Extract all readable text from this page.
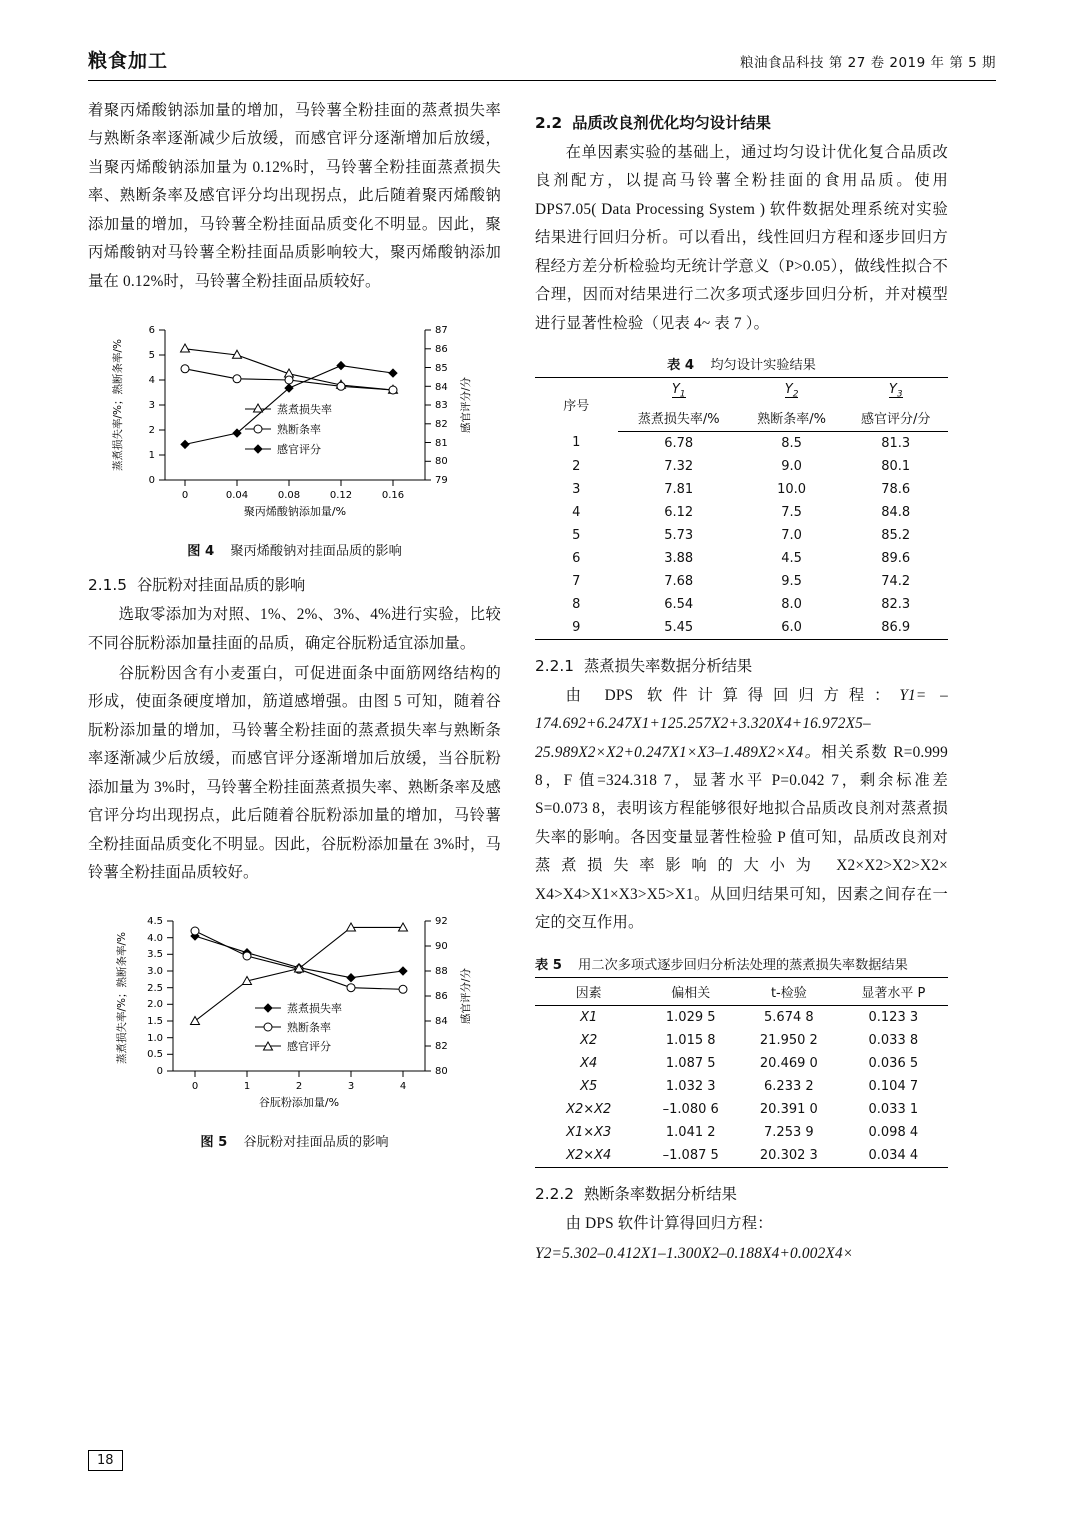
粮食加工	粮油食品科技 第 27 卷 2019 年 第 5 期

着聚丙烯酸钠添加量的增加，马铃薯全粉挂面的蒸煮损失率与熟断条率逐渐减少后放缓，而感官评分逐渐增加后放缓，当聚丙烯酸钠添加量为 0.12%时，马铃薯全粉挂面蒸煮损失率、熟断条率及感官评分均出现拐点，此后随着聚丙烯酸钠添加量的增加，马铃薯全粉挂面品质变化不明显。因此，聚丙烯酸钠对马铃薯全粉挂面品质影响较大，聚丙烯酸钠添加量在 0.12%时，马铃薯全粉挂面品质较好。

0
1
2
3
4
5
6
79
80
81
82
83
84
85
86
87
0	0.04	0.08	0.12	0.16
聚丙烯酸钠添加量/%
蒸煮损失率/%；熟断条率/%	感官评分/分
蒸煮损失率
熟断条率
感官评分
图 4 聚丙烯酸钠对挂面品质的影响
2.1.5 谷朊粉对挂面品质的影响

选取零添加为对照、1%、2%、3%、4%进行实验，比较不同谷朊粉添加量挂面的品质，确定谷朊粉适宜添加量。

谷朊粉因含有小麦蛋白，可促进面条中面筋网络结构的形成，使面条硬度增加，筋道感增强。由图 5 可知，随着谷朊粉添加量的增加，马铃薯全粉挂面的蒸煮损失率与熟断条率逐渐减少后放缓，而感官评分逐渐增加后放缓，当谷朊粉添加量为 3%时，马铃薯全粉挂面蒸煮损失率、熟断条率及感官评分均出现拐点，此后随着谷朊粉添加量的增加，马铃薯全粉挂面品质变化不明显。因此，谷朊粉添加量在 3%时，马铃薯全粉挂面品质较好。

0
0.5
1.0
1.5
2.0
2.5
3.0
3.5
4.0
4.5
80
82
84
86
88
90
92
0	1	2	3	4
谷朊粉添加量/%
蒸煮损失率/%；熟断条率/%	感官评分/分
蒸煮损失率
熟断条率
感官评分
图 5 谷朊粉对挂面品质的影响
2.2 品质改良剂优化均匀设计结果

在单因素实验的基础上，通过均匀设计优化复合品质改良剂配方，以提高马铃薯全粉挂面的食用品质。使用 DPS7.05( Data Processing System ) 软件数据处理系统对实验结果进行回归分析。可以看出，线性回归方程和逐步回归方程经方差分析检验均无统计学意义（P>0.05），做线性拟合不合理，因而对结果进行二次多项式逐步回归分析，并对模型进行显著性检验（见表 4~ 表 7 ）。

表 4 均匀设计实验结果
序号	$Y_1$	$Y_2$	$Y_3$
	蒸煮损失率/%	熟断条率/%	感官评分/分
1	6.78	8.5	81.3
2	7.32	9.0	80.1
3	7.81	10.0	78.6
4	6.12	7.5	84.8
5	5.73	7.0	85.2
6	3.88	4.5	89.6
7	7.68	9.5	74.2
8	6.54	8.0	82.3
9	5.45	6.0	86.9
2.2.1 蒸煮损失率数据分析结果

由 DPS 软件计算得回归方程：Y1= –174.692+6.247X1+125.257X2+3.320X4+16.972X5–25.989X2×X2+0.247X1×X3–1.489X2×X4。相关系数 R=0.999 8，F 值=324.318 7，显著水平 P=0.042 7，剩余标准差 S=0.073 8，表明该方程能够很好地拟合品质改良剂对蒸煮损失率的影响。各因变量显著性检验 P 值可知，品质改良剂对蒸煮损失率影响的大小为 X2×X2>X2>X2× X4>X4>X1×X3>X5>X1。从回归结果可知，因素之间存在一定的交互作用。

表 5 用二次多项式逐步回归分析法处理的蒸煮损失率数据结果
因素	偏相关	t-检验	显著水平 P
X1	1.029 5	5.674 8	0.123 3
X2	1.015 8	21.950 2	0.033 8
X4	1.087 5	20.469 0	0.036 5
X5	1.032 3	6.233 2	0.104 7
X2×X2	–1.080 6	20.391 0	0.033 1
X1×X3	1.041 2	7.253 9	0.098 4
X2×X4	–1.087 5	20.302 3	0.034 4
2.2.2 熟断条率数据分析结果

由 DPS 软件计算得回归方程：

Y2=5.302–0.412X1–1.300X2–0.188X4+0.002X4×

18
